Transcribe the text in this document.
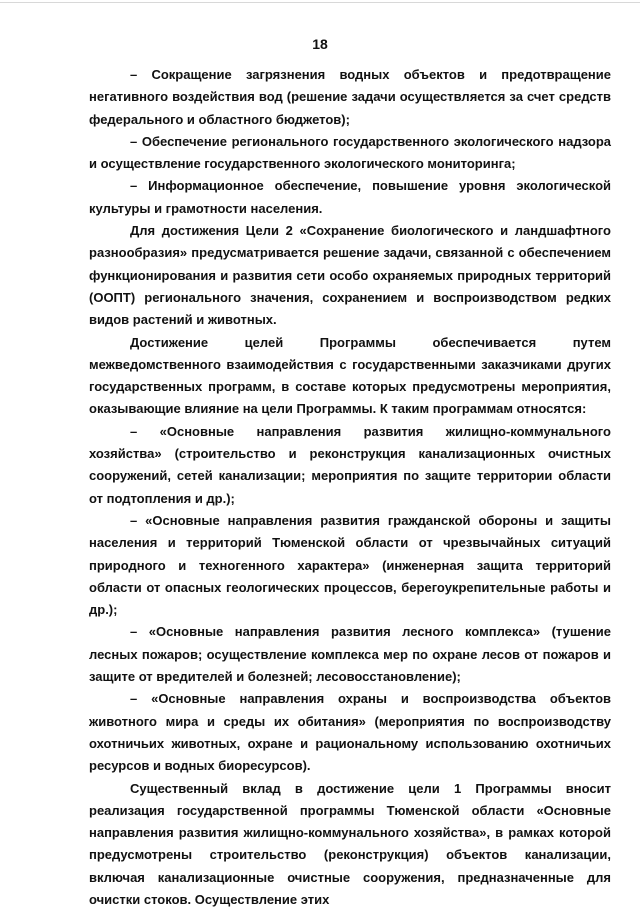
18

– Сокращение загрязнения водных объектов и предотвращение негативного воздействия вод (решение задачи осуществляется за счет средств федерального и областного бюджетов);

– Обеспечение регионального государственного экологического надзора и осуществление государственного экологического мониторинга;

– Информационное обеспечение, повышение уровня экологической культуры и грамотности населения.

Для достижения Цели 2 «Сохранение биологического и ландшафтного разнообразия» предусматривается решение задачи, связанной с обеспечением функционирования и развития сети особо охраняемых природных территорий (ООПТ) регионального значения, сохранением и воспроизводством редких видов растений и животных.

Достижение целей Программы обеспечивается путем межведомственного взаимодействия с государственными заказчиками других государственных программ, в составе которых предусмотрены мероприятия, оказывающие влияние на цели Программы. К таким программам относятся:

– «Основные направления развития жилищно-коммунального хозяйства» (строительство и реконструкция канализационных очистных сооружений, сетей канализации; мероприятия по защите территории области от подтопления и др.);

– «Основные направления развития гражданской обороны и защиты населения и территорий Тюменской области от чрезвычайных ситуаций природного и техногенного характера» (инженерная защита территорий области от опасных геологических процессов, берегоукрепительные работы и др.);

– «Основные направления развития лесного комплекса» (тушение лесных пожаров; осуществление комплекса мер по охране лесов от пожаров и защите от вредителей и болезней; лесовосстановление);

– «Основные направления охраны и воспроизводства объектов животного мира и среды их обитания» (мероприятия по воспроизводству охотничьих животных, охране и рациональному использованию охотничьих ресурсов и водных биоресурсов).

Существенный вклад в достижение цели 1 Программы вносит реализация государственной программы Тюменской области «Основные направления развития жилищно-коммунального хозяйства», в рамках которой предусмотрены строительство (реконструкция) объектов канализации, включая канализационные очистные сооружения, предназначенные для очистки стоков. Осуществление этих
